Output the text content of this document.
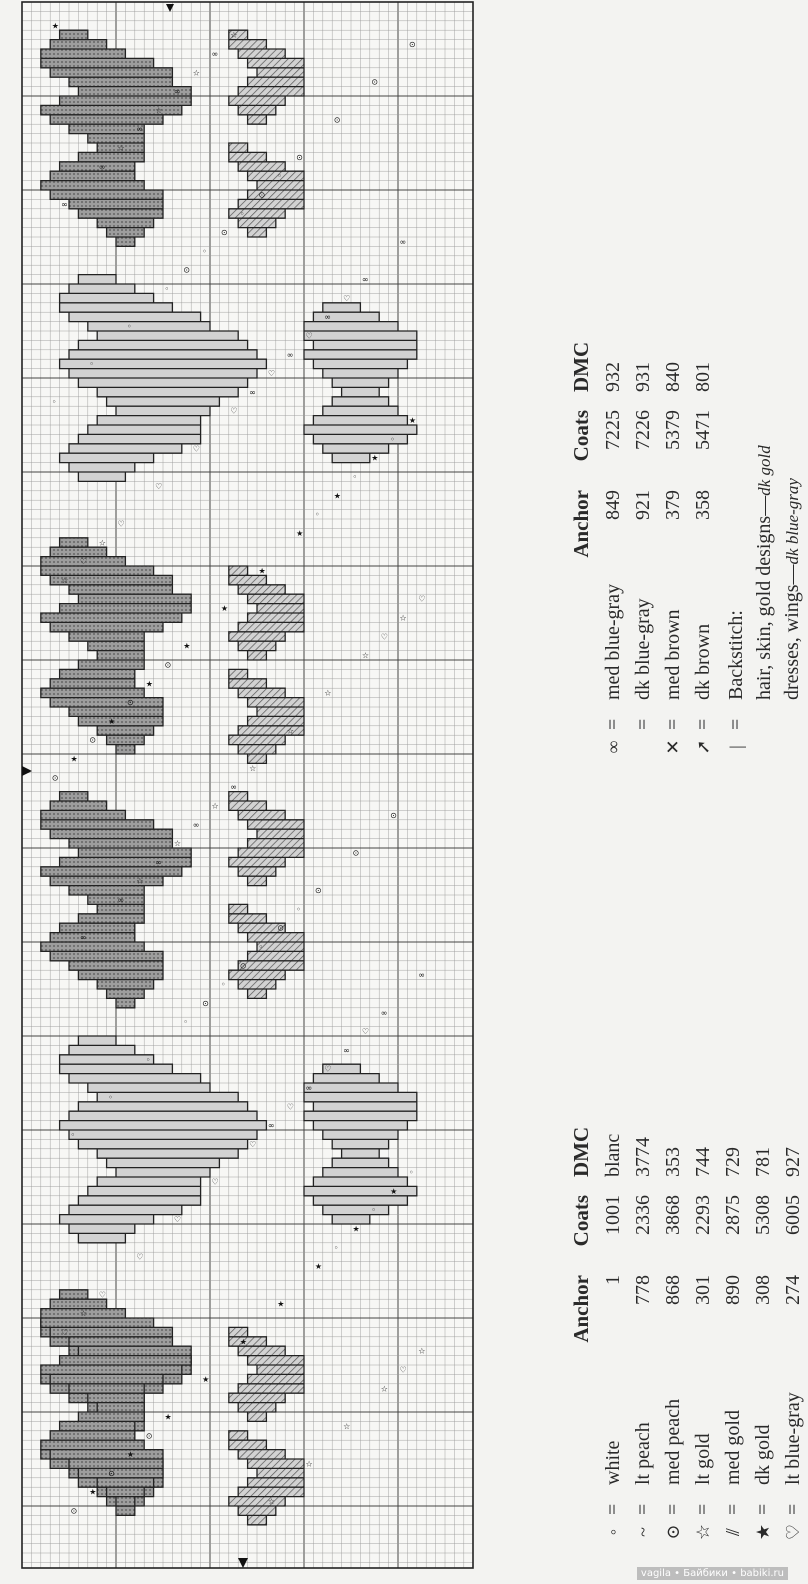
★
☆
⊙
∞
◦
♡
★
☆
⊙
∞
◦
♡
★
☆
⊙
∞
◦
♡
★
☆
⊙
∞
◦
♡
★
☆
⊙
∞
◦
♡
★
☆
⊙
∞
◦
♡
★
☆
⊙
∞
◦
♡
★
☆
⊙
∞
◦
♡
★
☆
⊙
∞
◦
♡
★
☆
⊙
∞
◦
♡
★
☆
⊙
∞
◦
♡
★
☆
⊙
∞
◦
♡
★
☆
⊙
∞
◦
♡
★
☆
⊙
∞
◦
♡
★
☆
⊙
∞
◦
♡
★
☆
⊙
∞
◦
♡
★
☆
⊙
∞
◦
♡
★
☆
⊙
∞
◦
♡
★
☆
⊙
∞
◦
♡
★
☆
⊙
∞
◦
♡
Anchor
Coats
DMC
◦
=
white
1
1001
blanc
~
=
lt peach
778
2336
3774
⊙
=
med peach
868
3868
353
☆
=
lt gold
301
2293
744
⫽
=
med gold
890
2875
729
★
=
dk gold
308
5308
781
♡
=
lt blue-gray
274
6005
927
Anchor
Coats
DMC
∞
=
med blue-gray
849
7225
932
=
dk blue-gray
921
7226
931
✕
=
med brown
379
5379
840
➚
=
dk brown
358
5471
801
|
=
Backstitch: hair, skin, gold designs—dk gold
dresses, wings—dk blue-gray
vagila • Байбики • babiki.ru
